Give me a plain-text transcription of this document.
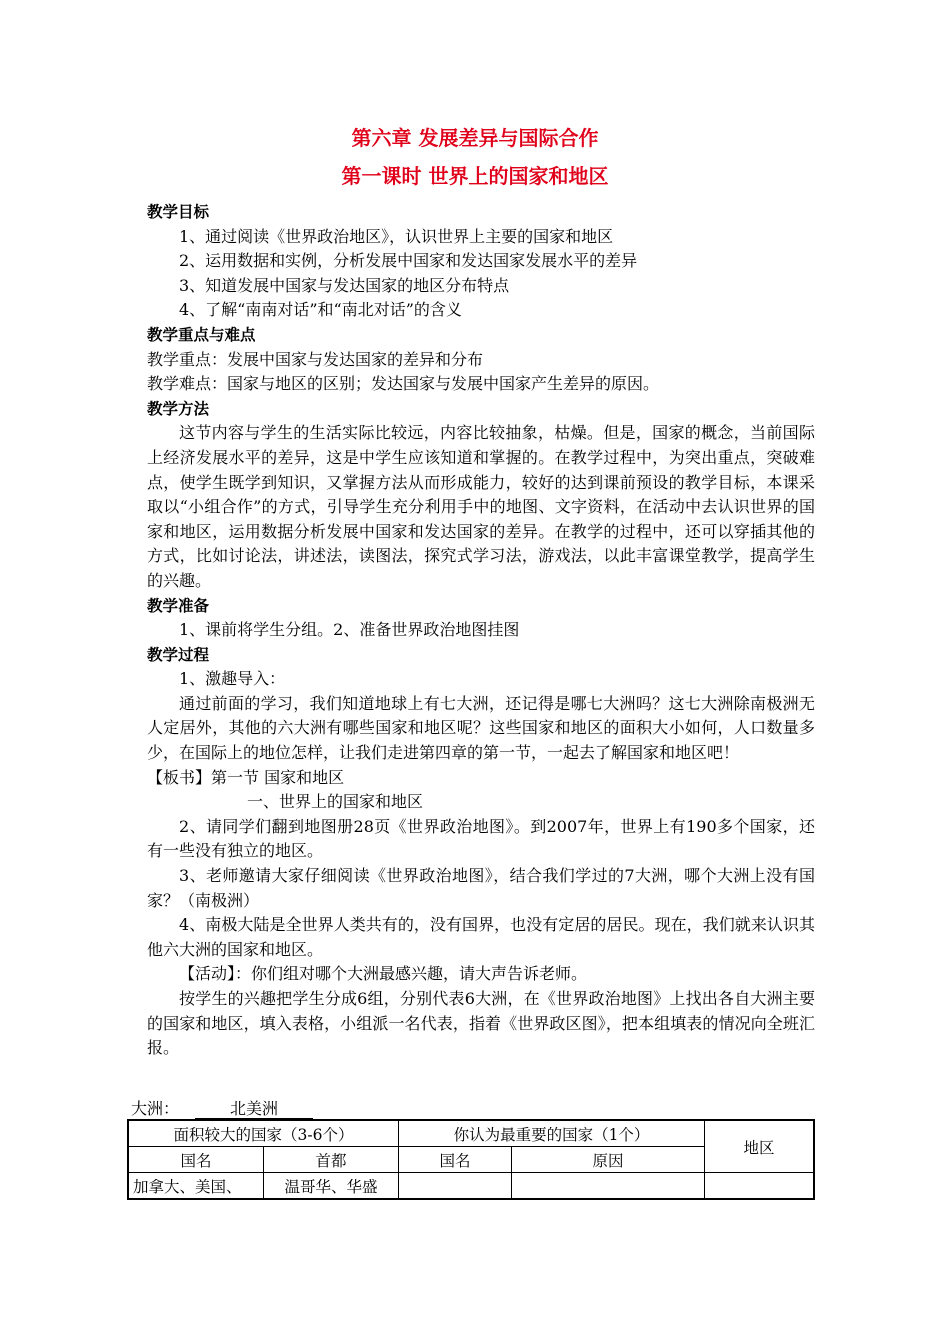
第六章 发展差异与国际合作
第一课时 世界上的国家和地区

教学目标

1、通过阅读《世界政治地区》，认识世界上主要的国家和地区

2、运用数据和实例，分析发展中国家和发达国家发展水平的差异

3、知道发展中国家与发达国家的地区分布特点

4、了解“南南对话”和“南北对话”的含义

教学重点与难点

教学重点：发展中国家与发达国家的差异和分布

教学难点：国家与地区的区别；发达国家与发展中国家产生差异的原因。

教学方法

这节内容与学生的生活实际比较远，内容比较抽象，枯燥。但是，国家的概念，当前国际上经济发展水平的差异，这是中学生应该知道和掌握的。在教学过程中，为突出重点，突破难点，使学生既学到知识，又掌握方法从而形成能力，较好的达到课前预设的教学目标，本课采取以“小组合作”的方式，引导学生充分利用手中的地图、文字资料，在活动中去认识世界的国家和地区，运用数据分析发展中国家和发达国家的差异。在教学的过程中，还可以穿插其他的方式，比如讨论法，讲述法，读图法，探究式学习法，游戏法，以此丰富课堂教学，提高学生的兴趣。

教学准备

1、课前将学生分组。2、准备世界政治地图挂图

教学过程

1、激趣导入：

通过前面的学习，我们知道地球上有七大洲，还记得是哪七大洲吗？这七大洲除南极洲无人定居外，其他的六大洲有哪些国家和地区呢？这些国家和地区的面积大小如何，人口数量多少，在国际上的地位怎样，让我们走进第四章的第一节，一起去了解国家和地区吧！

【板书】第一节 国家和地区

一、世界上的国家和地区

2、请同学们翻到地图册28页《世界政治地图》。到2007年，世界上有190多个国家，还有一些没有独立的地区。

3、老师邀请大家仔细阅读《世界政治地图》，结合我们学过的7大洲，哪个大洲上没有国家？（南极洲）

4、南极大陆是全世界人类共有的，没有国界，也没有定居的居民。现在，我们就来认识其他六大洲的国家和地区。

【活动】：你们组对哪个大洲最感兴趣，请大声告诉老师。

按学生的兴趣把学生分成6组，分别代表6大洲，在《世界政治地图》上找出各自大洲主要的国家和地区，填入表格，小组派一名代表，指着《世界政区图》，把本组填表的情况向全班汇报。

大洲：	北美洲
面积较大的国家（3-6个）		你认为最重要的国家（1个）		地区
国名	首都	国名	原因	
加拿大、美国、	温哥华、华盛			
